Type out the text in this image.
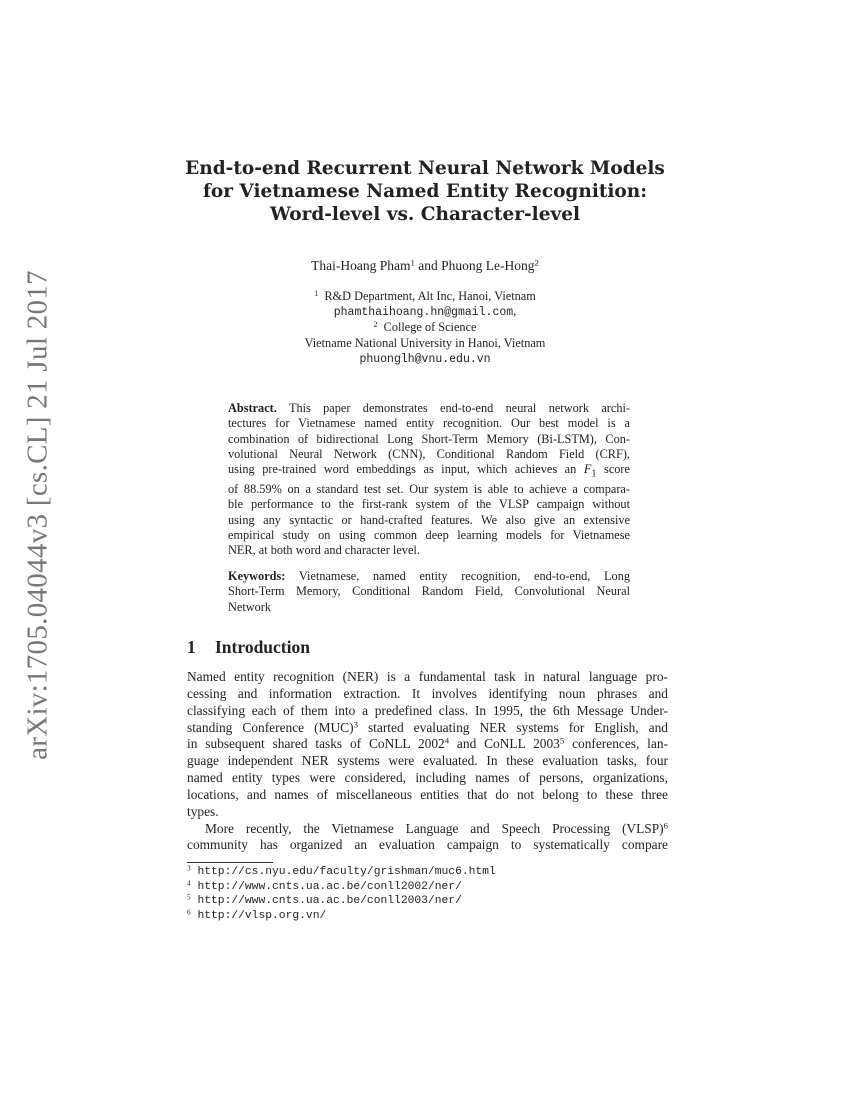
arXiv:1705.04044v3 [cs.CL] 21 Jul 2017
End-to-end Recurrent Neural Network Models
for Vietnamese Named Entity Recognition:
Word-level vs. Character-level
Thai-Hoang Pham$^1$ and Phuong Le-Hong$^2$
$^1$ R&D Department, Alt Inc, Hanoi, Vietnam
phamthaihoang.hn@gmail.com,
$^2$ College of Science
Vietname National University in Hanoi, Vietnam
phuonglh@vnu.edu.vn
Abstract. This paper demonstrates end-to-end neural network archi-
tectures for Vietnamese named entity recognition. Our best model is a
combination of bidirectional Long Short-Term Memory (Bi-LSTM), Con-
volutional Neural Network (CNN), Conditional Random Field (CRF),
using pre-trained word embeddings as input, which achieves an $F_1$ score
of 88.59% on a standard test set. Our system is able to achieve a compara-
ble performance to the first-rank system of the VLSP campaign without
using any syntactic or hand-crafted features. We also give an extensive
empirical study on using common deep learning models for Vietnamese
NER, at both word and character level.
Keywords: Vietnamese, named entity recognition, end-to-end, Long
Short-Term Memory, Conditional Random Field, Convolutional Neural
Network
1 Introduction
Named entity recognition (NER) is a fundamental task in natural language pro-
cessing and information extraction. It involves identifying noun phrases and
classifying each of them into a predefined class. In 1995, the 6th Message Under-
standing Conference (MUC)$^3$ started evaluating NER systems for English, and
in subsequent shared tasks of CoNLL 2002$^4$ and CoNLL 2003$^5$ conferences, lan-
guage independent NER systems were evaluated. In these evaluation tasks, four
named entity types were considered, including names of persons, organizations,
locations, and names of miscellaneous entities that do not belong to these three
types.
More recently, the Vietnamese Language and Speech Processing (VLSP)$^6$
community has organized an evaluation campaign to systematically compare
$^3$ http://cs.nyu.edu/faculty/grishman/muc6.html
$^4$ http://www.cnts.ua.ac.be/conll2002/ner/
$^5$ http://www.cnts.ua.ac.be/conll2003/ner/
$^6$ http://vlsp.org.vn/
